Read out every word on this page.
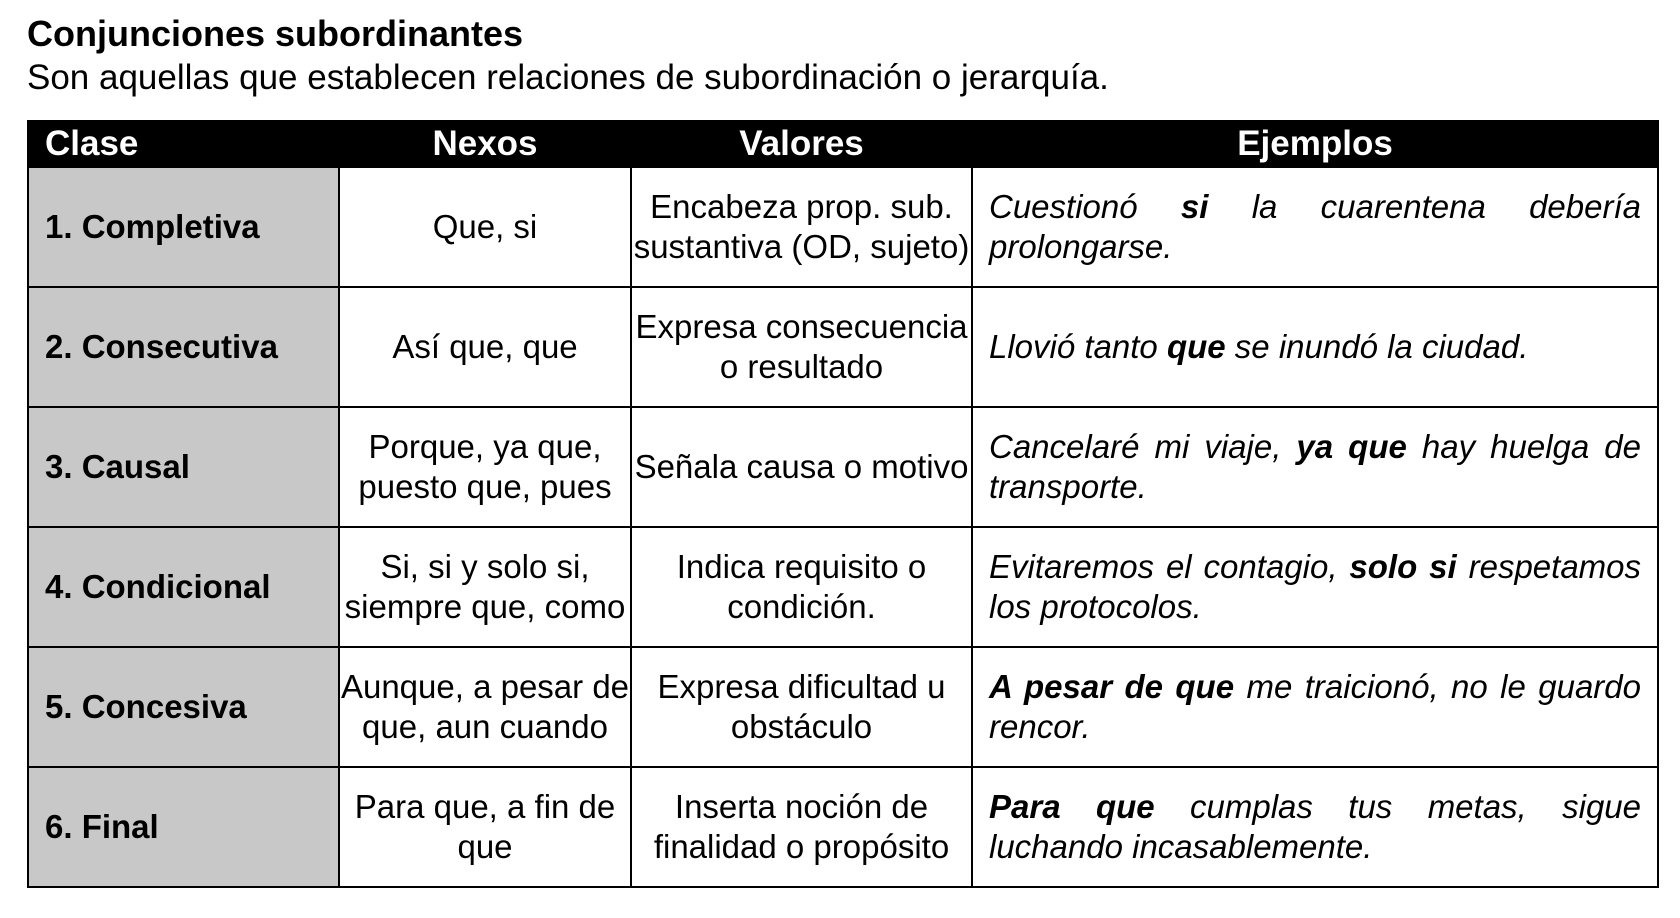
Conjunciones subordinantes

Son aquellas que establecen relaciones de subordinación o jerarquía.

Clase	Nexos	Valores	Ejemplos
1. Completiva	Que, si	Encabeza prop. sub. sustantiva (OD, sujeto)	Cuestionó si la cuarentena debería prolongarse.
2. Consecutiva	Así que, que	Expresa consecuencia o resultado	Llovió tanto que se inundó la ciudad.
3. Causal	Porque, ya que, puesto que, pues	Señala causa o motivo	Cancelaré mi viaje, ya que hay huelga de transporte.
4. Condicional	Si, si y solo si, siempre que, como	Indica requisito o condición.	Evitaremos el contagio, solo si respetamos los protocolos.
5. Concesiva	Aunque, a pesar de que, aun cuando	Expresa dificultad u obstáculo	A pesar de que me traicionó, no le guardo rencor.
6. Final	Para que, a fin de que	Inserta noción de finalidad o propósito	Para que cumplas tus metas, sigue luchando incasablemente.
